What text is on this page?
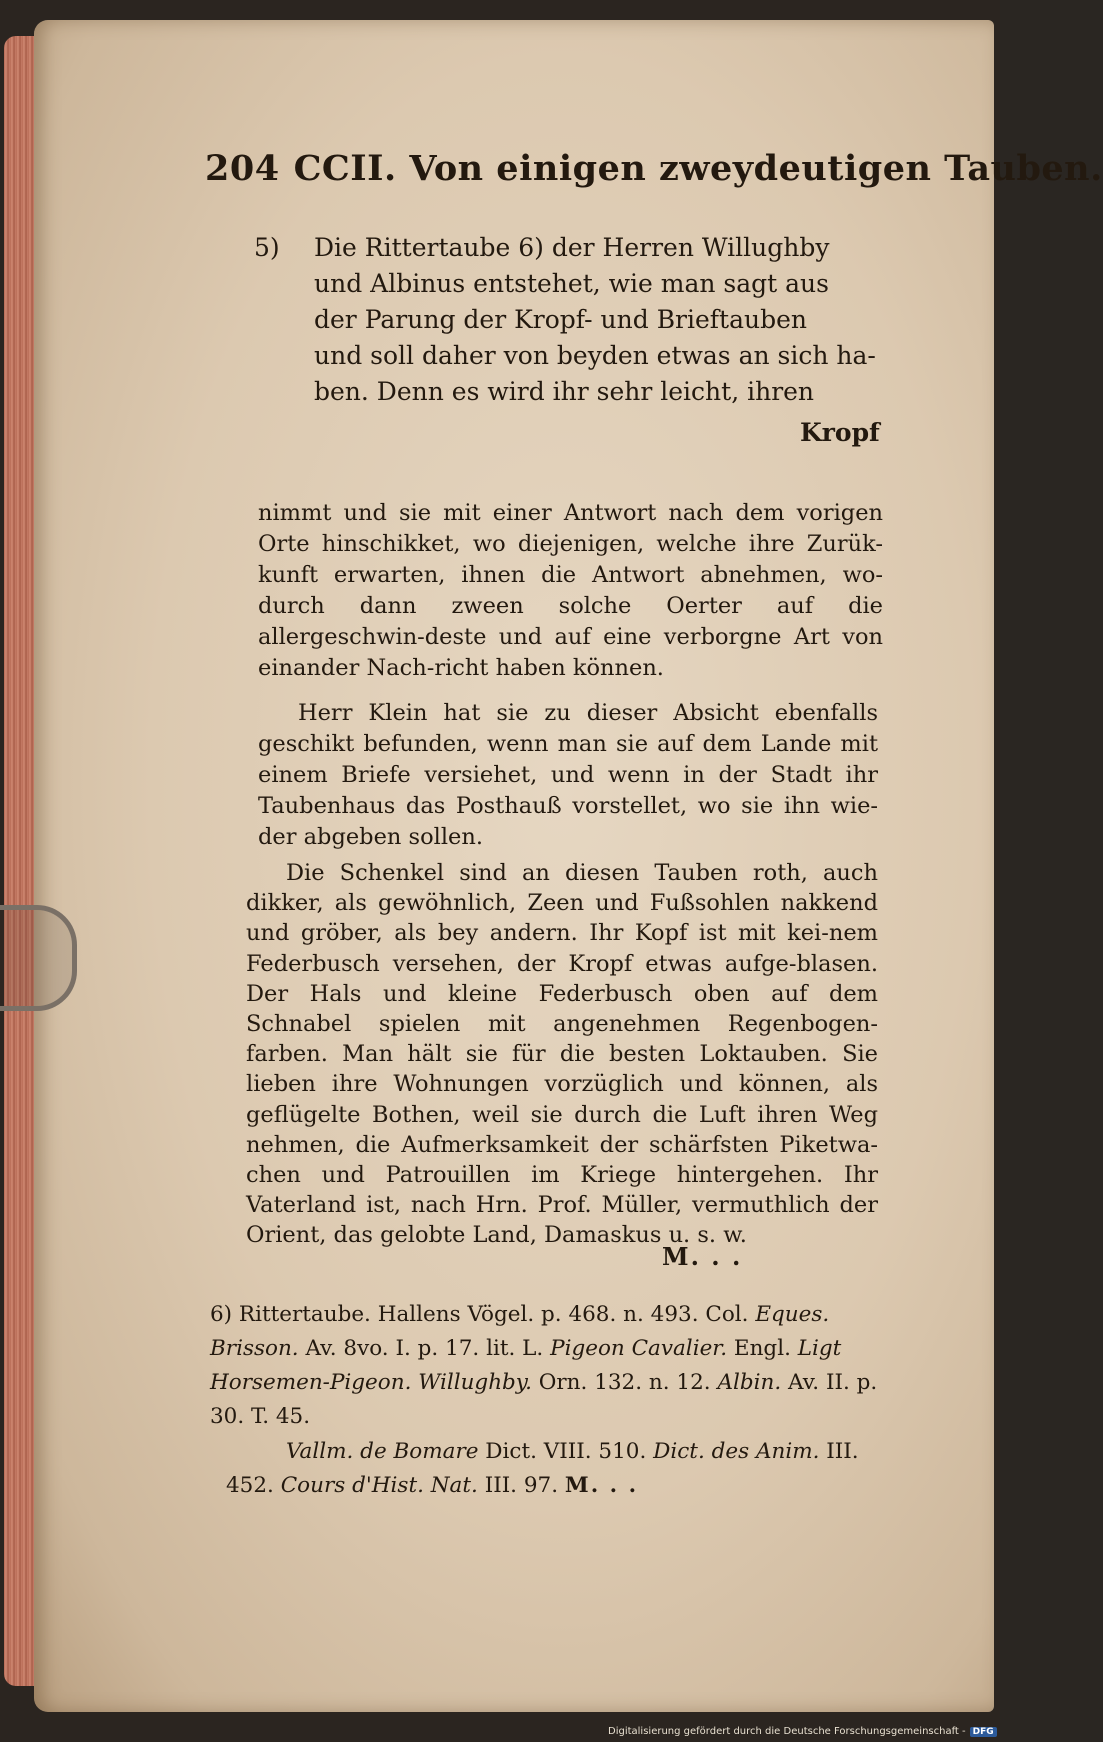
204 CCII. Von einigen zweydeutigen Tauben.
5)	Die Rittertaube 6) der Herren Willughby
und Albinus entstehet, wie man sagt aus
der Parung der Kropf- und Brieftauben
und soll daher von beyden etwas an sich ha-
ben. Denn es wird ihr sehr leicht, ihren
Kropf
nimmt und sie mit einer Antwort nach dem vorigen Orte hinschikket, wo diejenigen, welche ihre Zurük-kunft erwarten, ihnen die Antwort abnehmen, wo-durch dann zween solche Oerter auf die allergeschwin-deste und auf eine verborgne Art von einander Nach-richt haben können.
Herr Klein hat sie zu dieser Absicht ebenfalls geschikt befunden, wenn man sie auf dem Lande mit einem Briefe versiehet, und wenn in der Stadt ihr Taubenhaus das Posthauß vorstellet, wo sie ihn wie-der abgeben sollen.
Die Schenkel sind an diesen Tauben roth, auch dikker, als gewöhnlich, Zeen und Fußsohlen nakkend und gröber, als bey andern. Ihr Kopf ist mit kei-nem Federbusch versehen, der Kropf etwas aufge-blasen. Der Hals und kleine Federbusch oben auf dem Schnabel spielen mit angenehmen Regenbogen-farben. Man hält sie für die besten Loktauben. Sie lieben ihre Wohnungen vorzüglich und können, als geflügelte Bothen, weil sie durch die Luft ihren Weg nehmen, die Aufmerksamkeit der schärfsten Piketwa-chen und Patrouillen im Kriege hintergehen. Ihr Vaterland ist, nach Hrn. Prof. Müller, vermuthlich der Orient, das gelobte Land, Damaskus u. s. w.
M. . .
6) Rittertaube. Hallens Vögel. p. 468. n. 493. Col. Eques. Brisson. Av. 8vo. I. p. 17. lit. L. Pigeon Cavalier. Engl. Ligt Horsemen-Pigeon. Willughby. Orn. 132. n. 12. Albin. Av. II. p. 30. T. 45.
Vallm. de Bomare Dict. VIII. 510. Dict. des Anim. III. 452. Cours d'Hist. Nat. III. 97. M. . .
Digitalisierung gefördert durch die Deutsche Forschungsgemeinschaft - DFG
